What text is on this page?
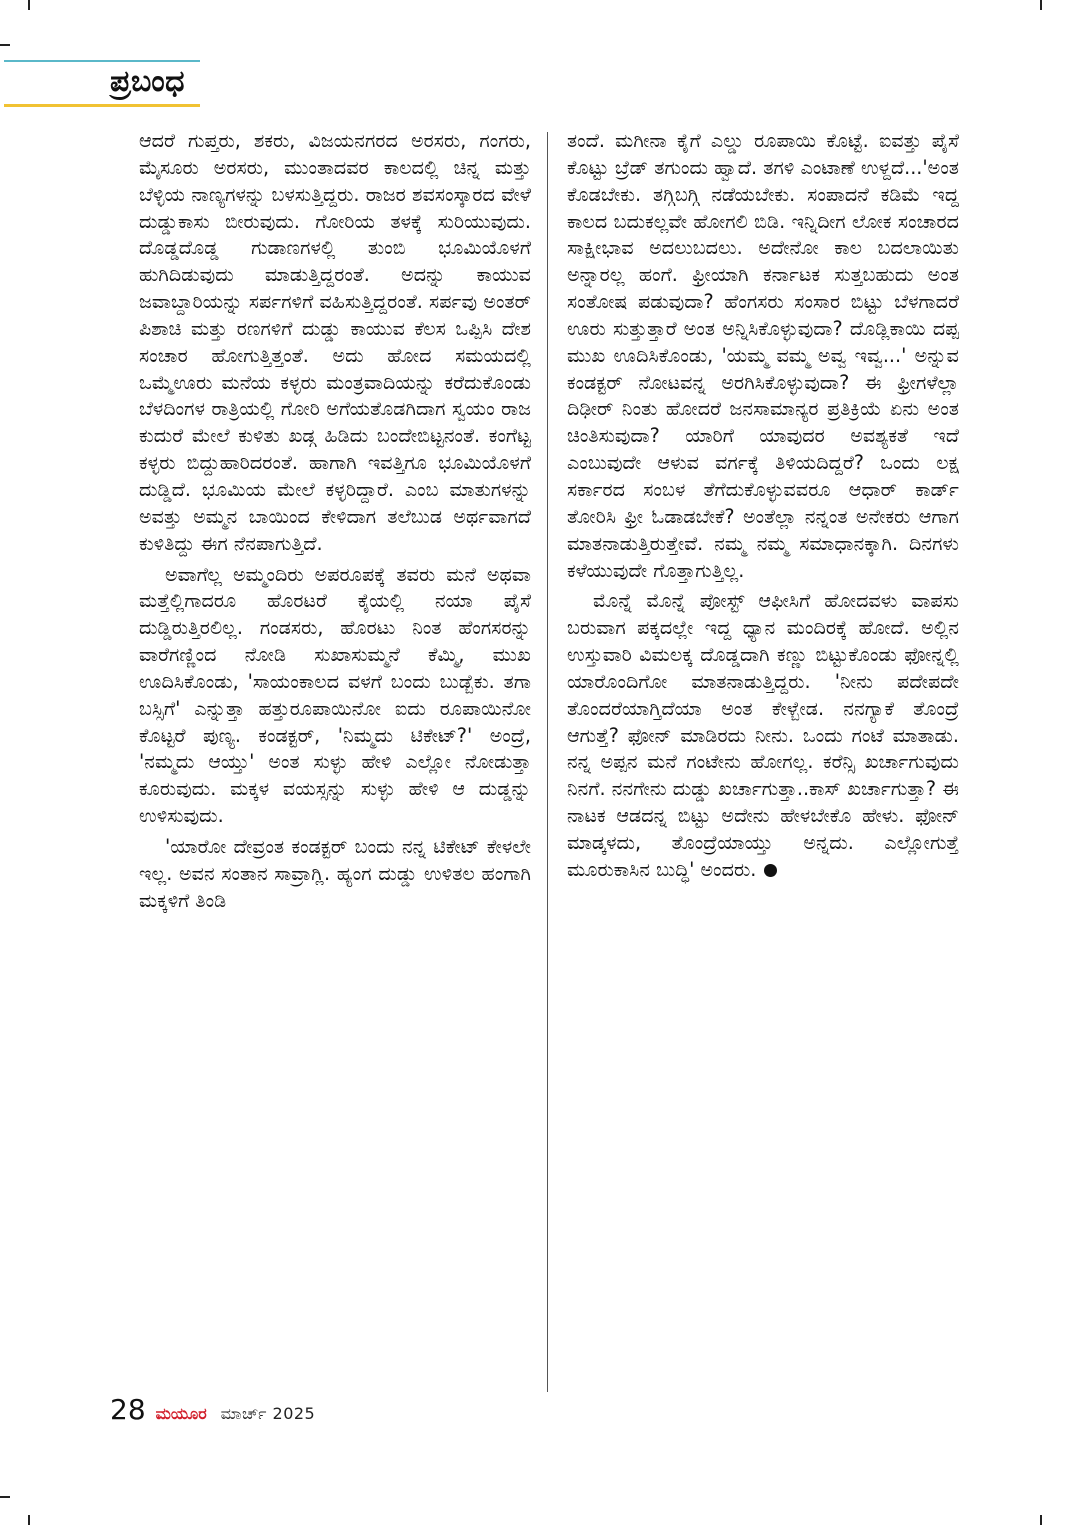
ಪ್ರಬಂಧ

ಆದರೆ ಗುಪ್ತರು, ಶಕರು, ವಿಜಯನಗರದ ಅರಸರು, ಗಂಗರು, ಮೈಸೂರು ಅರಸರು, ಮುಂತಾದವರ ಕಾಲದಲ್ಲಿ ಚಿನ್ನ ಮತ್ತು ಬೆಳ್ಳಿಯ ನಾಣ್ಯಗಳನ್ನು ಬಳಸುತ್ತಿದ್ದರು. ರಾಜರ ಶವಸಂಸ್ಕಾರದ ವೇಳೆ ದುಡ್ಡುಕಾಸು ಬೀರುವುದು. ಗೋರಿಯ ತಳಕ್ಕೆ ಸುರಿಯುವುದು. ದೊಡ್ಡದೊಡ್ಡ ಗುಡಾಣಗಳಲ್ಲಿ ತುಂಬಿ ಭೂಮಿಯೊಳಗೆ ಹುಗಿದಿಡುವುದು ಮಾಡುತ್ತಿದ್ದರಂತೆ. ಅದನ್ನು ಕಾಯುವ ಜವಾಬ್ದಾರಿಯನ್ನು ಸರ್ಪಗಳಿಗೆ ವಹಿಸುತ್ತಿದ್ದರಂತೆ. ಸರ್ಪವು ಅಂತರ್ ಪಿಶಾಚಿ ಮತ್ತು ರಣಗಳಿಗೆ ದುಡ್ಡು ಕಾಯುವ ಕೆಲಸ ಒಪ್ಪಿಸಿ ದೇಶ ಸಂಚಾರ ಹೋಗುತ್ತಿತ್ತಂತೆ. ಅದು ಹೋದ ಸಮಯದಲ್ಲಿ ಒಮ್ಮೆಊರು ಮನೆಯ ಕಳ್ಳರು ಮಂತ್ರವಾದಿಯನ್ನು ಕರೆದುಕೊಂಡು ಬೆಳದಿಂಗಳ ರಾತ್ರಿಯಲ್ಲಿ ಗೋರಿ ಅಗೆಯತೊಡಗಿದಾಗ ಸ್ವಯಂ ರಾಜ ಕುದುರೆ ಮೇಲೆ ಕುಳಿತು ಖಡ್ಗ ಹಿಡಿದು ಬಂದೇಬಿಟ್ಟನಂತೆ. ಕಂಗೆಟ್ಟ ಕಳ್ಳರು ಬಿದ್ದುಹಾರಿದರಂತೆ. ಹಾಗಾಗಿ ಇವತ್ತಿಗೂ ಭೂಮಿಯೊಳಗೆ ದುಡ್ಡಿದೆ. ಭೂಮಿಯ ಮೇಲೆ ಕಳ್ಳರಿದ್ದಾರೆ. ಎಂಬ ಮಾತುಗಳನ್ನು ಅವತ್ತು ಅಮ್ಮನ ಬಾಯಿಂದ ಕೇಳಿದಾಗ ತಲೆಬುಡ ಅರ್ಥವಾಗದೆ ಕುಳಿತಿದ್ದು ಈಗ ನೆನಪಾಗುತ್ತಿದೆ.

ಅವಾಗೆಲ್ಲ ಅಮ್ಮಂದಿರು ಅಪರೂಪಕ್ಕೆ ತವರು ಮನೆ ಅಥವಾ ಮತ್ತೆಲ್ಲಿಗಾದರೂ ಹೊರಟರೆ ಕೈಯಲ್ಲಿ ನಯಾ ಪೈಸೆ ದುಡ್ಡಿರುತ್ತಿರಲಿಲ್ಲ. ಗಂಡಸರು, ಹೊರಟು ನಿಂತ ಹೆಂಗಸರನ್ನು ವಾರೆಗಣ್ಣಿಂದ ನೋಡಿ ಸುಖಾಸುಮ್ಮನೆ ಕೆಮ್ಮಿ, ಮುಖ ಊದಿಸಿಕೊಂಡು, 'ಸಾಯಂಕಾಲದ ವಳಗೆ ಬಂದು ಬುಡ್ಬೆಕು. ತಗಾ ಬಸ್ಸಿಗೆ' ಎನ್ನುತ್ತಾ ಹತ್ತುರೂಪಾಯಿನೋ ಐದು ರೂಪಾಯಿನೋ ಕೊಟ್ಟರೆ ಪುಣ್ಯ. ಕಂಡಕ್ಟರ್, 'ನಿಮ್ಮದು ಟಿಕೇಟ್?' ಅಂದ್ರೆ, 'ನಮ್ಮದು ಆಯ್ತು' ಅಂತ ಸುಳ್ಳು ಹೇಳಿ ಎಲ್ಲೋ ನೋಡುತ್ತಾ ಕೂರುವುದು. ಮಕ್ಕಳ ವಯಸ್ಸನ್ನು ಸುಳ್ಳು ಹೇಳಿ ಆ ದುಡ್ಡನ್ನು ಉಳಿಸುವುದು.

'ಯಾರೋ ದೇವ್ರಂತ ಕಂಡಕ್ಟರ್ ಬಂದು ನನ್ನ ಟಿಕೇಟ್ ಕೇಳಲೇ ಇಲ್ಲ. ಅವನ ಸಂತಾನ ಸಾವ್ರಾಗ್ಲಿ. ಹ್ಯಂಗ ದುಡ್ಡು ಉಳಿತಲ ಹಂಗಾಗಿ ಮಕ್ಕಳಿಗೆ ತಿಂಡಿ

ತಂದೆ. ಮಗೀನಾ ಕೈಗೆ ಎಲ್ಡು ರೂಪಾಯಿ ಕೊಟ್ಟೆ. ಐವತ್ತು ಪೈಸೆ ಕೊಟ್ಟು ಬ್ರೆಡ್ ತಗುಂದು ಹ್ವಾದೆ. ತಗಳಿ ಎಂಟಾಣೆ ಉಳ್ದದೆ...'ಅಂತ ಕೊಡಬೇಕು. ತಗ್ಗಿಬಗ್ಗಿ ನಡೆಯಬೇಕು. ಸಂಪಾದನೆ ಕಡಿಮೆ ಇದ್ದ ಕಾಲದ ಬದುಕಲ್ಲವೇ ಹೋಗಲಿ ಬಿಡಿ. ಇನ್ನಿದೀಗ ಲೋಕ ಸಂಚಾರದ ಸಾಕ್ಷೀಭಾವ ಅದಲುಬದಲು. ಅದೇನೋ ಕಾಲ ಬದಲಾಯಿತು ಅನ್ನಾರಲ್ಲ ಹಂಗೆ. ಫ್ರೀಯಾಗಿ ಕರ್ನಾಟಕ ಸುತ್ತಬಹುದು ಅಂತ ಸಂತೋಷ ಪಡುವುದಾ? ಹೆಂಗಸರು ಸಂಸಾರ ಬಿಟ್ಟು ಬೆಳಗಾದರೆ ಊರು ಸುತ್ತುತ್ತಾರೆ ಅಂತ ಅನ್ನಿಸಿಕೊಳ್ಳುವುದಾ? ದೊಡ್ಲಿಕಾಯಿ ದಪ್ಪ ಮುಖ ಊದಿಸಿಕೊಂಡು, 'ಯಮ್ಮ ವಮ್ಮ ಅವ್ವ ಇವ್ವ...' ಅನ್ನುವ ಕಂಡಕ್ಟರ್ ನೋಟವನ್ನ ಅರಗಿಸಿಕೊಳ್ಳುವುದಾ? ಈ ಫ್ರೀಗಳೆಲ್ಲಾ ದಿಢೀರ್ ನಿಂತು ಹೋದರೆ ಜನಸಾಮಾನ್ಯರ ಪ್ರತಿಕ್ರಿಯೆ ಏನು ಅಂತ ಚಿಂತಿಸುವುದಾ? ಯಾರಿಗೆ ಯಾವುದರ ಅವಶ್ಯಕತೆ ಇದೆ ಎಂಬುವುದೇ ಆಳುವ ವರ್ಗಕ್ಕೆ ತಿಳಿಯದಿದ್ದರೆ? ಒಂದು ಲಕ್ಷ ಸರ್ಕಾರದ ಸಂಬಳ ತೆಗೆದುಕೊಳ್ಳುವವರೂ ಆಧಾರ್ ಕಾರ್ಡ್ ತೋರಿಸಿ ಫ್ರೀ ಓಡಾಡಬೇಕೆ? ಅಂತೆಲ್ಲಾ ನನ್ನಂತ ಅನೇಕರು ಆಗಾಗ ಮಾತನಾಡುತ್ತಿರುತ್ತೇವೆ. ನಮ್ಮ ನಮ್ಮ ಸಮಾಧಾನಕ್ಕಾಗಿ. ದಿನಗಳು ಕಳೆಯುವುದೇ ಗೊತ್ತಾಗುತ್ತಿಲ್ಲ.

ಮೊನ್ನೆ ಮೊನ್ನೆ ಪೋಸ್ಟ್ ಆಫೀಸಿಗೆ ಹೋದವಳು ವಾಪಸು ಬರುವಾಗ ಪಕ್ಕದಲ್ಲೇ ಇದ್ದ ಧ್ಯಾನ ಮಂದಿರಕ್ಕೆ ಹೋದೆ. ಅಲ್ಲಿನ ಉಸ್ತುವಾರಿ ವಿಮಲಕ್ಕ ದೊಡ್ಡದಾಗಿ ಕಣ್ಣು ಬಿಟ್ಟುಕೊಂಡು ಫೋನ್ನಲ್ಲಿ ಯಾರೊಂದಿಗೋ ಮಾತನಾಡುತ್ತಿದ್ದರು. 'ನೀನು ಪದೇಪದೇ ತೊಂದರೆಯಾಗ್ತಿದೆಯಾ ಅಂತ ಕೇಳ್ಬೇಡ. ನನಗ್ಯಾಕೆ ತೊಂದ್ರೆ ಆಗುತ್ತೆ? ಫೋನ್ ಮಾಡಿರದು ನೀನು. ಒಂದು ಗಂಟೆ ಮಾತಾಡು. ನನ್ನ ಅಪ್ಪನ ಮನೆ ಗಂಟೇನು ಹೋಗಲ್ಲ. ಕರೆನ್ಸಿ ಖರ್ಚಾಗುವುದು ನಿನಗೆ. ನನಗೇನು ದುಡ್ಡು ಖರ್ಚಾಗುತ್ತಾ..ಕಾಸ್ ಖರ್ಚಾಗುತ್ತಾ? ಈ ನಾಟಕ ಆಡದನ್ನ ಬಿಟ್ಟು ಅದೇನು ಹೇಳಬೇಕೊ ಹೇಳು. ಫೋನ್ ಮಾಡ್ಕಳದು, ತೊಂದ್ರೆಯಾಯ್ತು ಅನ್ನದು. ಎಲ್ಲೋಗುತ್ತೆ ಮೂರುಕಾಸಿನ ಬುದ್ಧಿ' ಅಂದರು.

28 ಮಯೂರ ಮಾರ್ಚ್ 2025
